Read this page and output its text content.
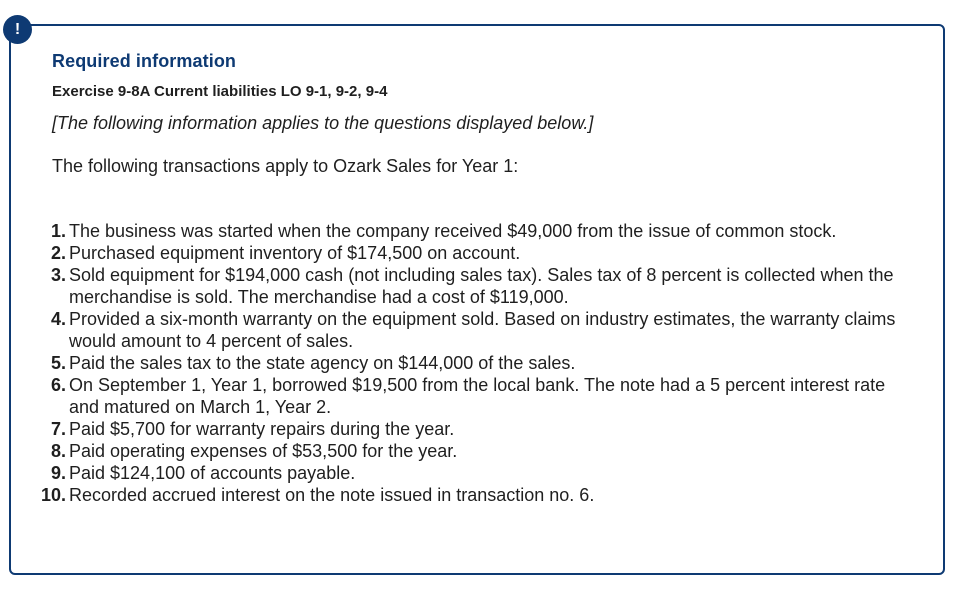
!
Required information
Exercise 9-8A Current liabilities LO 9-1, 9-2, 9-4

[The following information applies to the questions displayed below.]

The following transactions apply to Ozark Sales for Year 1:

1. The business was started when the company received $49,000 from the issue of common stock.
2. Purchased equipment inventory of $174,500 on account.
3. Sold equipment for $194,000 cash (not including sales tax). Sales tax of 8 percent is collected when the merchandise is sold. The merchandise had a cost of $119,000.
4. Provided a six-month warranty on the equipment sold. Based on industry estimates, the warranty claims would amount to 4 percent of sales.
5. Paid the sales tax to the state agency on $144,000 of the sales.
6. On September 1, Year 1, borrowed $19,500 from the local bank. The note had a 5 percent interest rate and matured on March 1, Year 2.
7. Paid $5,700 for warranty repairs during the year.
8. Paid operating expenses of $53,500 for the year.
9. Paid $124,100 of accounts payable.
10. Recorded accrued interest on the note issued in transaction no. 6.
